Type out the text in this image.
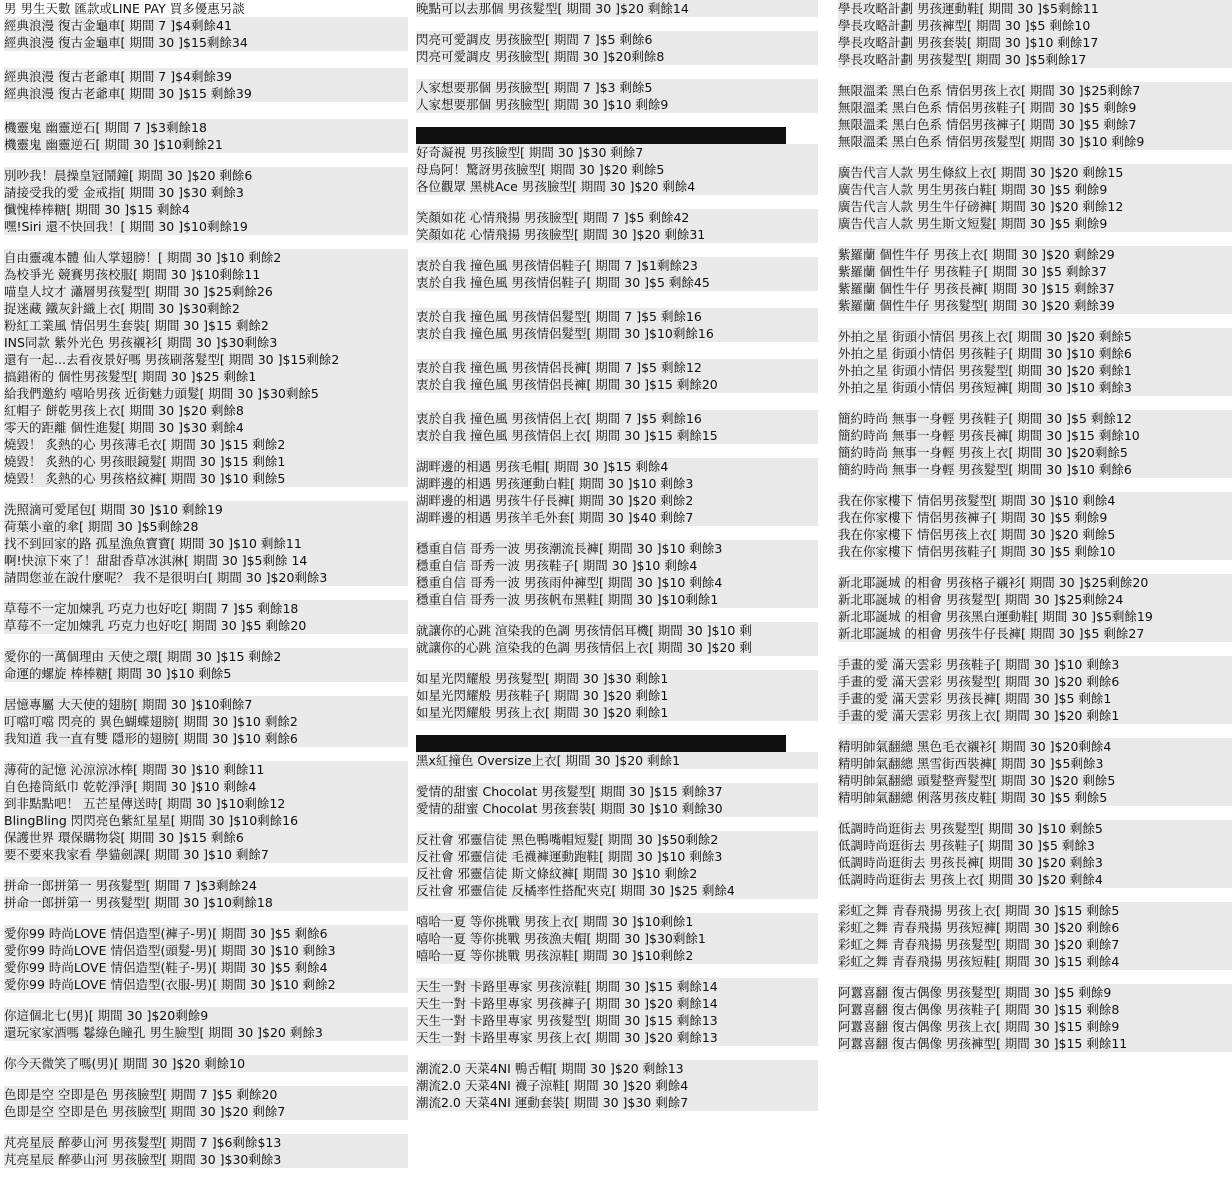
男 男生天數 匯款或LINE PAY 買多優惠另談
經典浪漫 復古金龜車[ 期間 7 ]$4剩餘41
經典浪漫 復古金龜車[ 期間 30 ]$15剩餘34

經典浪漫 復古老爺車[ 期間 7 ]$4剩餘39
經典浪漫 復古老爺車[ 期間 30 ]$15 剩餘39

機靈鬼 幽靈逆石[ 期間 7 ]$3剩餘18
機靈鬼 幽靈逆石[ 期間 30 ]$10剩餘21
別吵我！晨操皇冠鬧鐘[ 期間 30 ]$20 剩餘6
請接受我的愛 金戒指[ 期間 30 ]$30 剩餘3
懺愧棒棒糖[ 期間 30 ]$15 剩餘4
嘿!Siri 還不快回我！[ 期間 30 ]$10剩餘19
自由靈魂本體 仙人掌翅膀！[ 期間 30 ]$10 剩餘2
為校爭光 競賽男孩校服[ 期間 30 ]$10剩餘11
喵皇人坟才 瀟層男孩髮型[ 期間 30 ]$25剩餘26
捉迷藏 鐵灰針織上衣[ 期間 30 ]$30剩餘2
粉紅工業風 情侶男生套裝[ 期間 30 ]$15 剩餘2
INS同款 紫外光色 男孩襯衫[ 期間 30 ]$30剩餘3
還有一起...去看夜景好嗎 男孩刷落髮型[ 期間 30 ]$15剩餘2
搞錯術的 個性男孩髮型[ 期間 30 ]$25 剩餘1
給我們邀約 嘻哈男孩 近街魅力頭髮[ 期間 30 ]$30剩餘5
紅帽子 餅乾男孩上衣[ 期間 30 ]$20 剩餘8
零天的距離 個性進髮[ 期間 30 ]$30 剩餘4
燒毀！ 炙熱的心 男孩薄毛衣[ 期間 30 ]$15 剩餘2
燒毀！ 炙熱的心 男孩眼鏡髮[ 期間 30 ]$15 剩餘1
燒毀！ 炙熱的心 男孩格紋褲[ 期間 30 ]$10 剩餘5
洗照滴可愛尾包[ 期間 30 ]$10 剩餘19
荷葉小童的傘[ 期間 30 ]$5剩餘28
找不到回家的路 孤星漁魚寶寶[ 期間 30 ]$10 剩餘11
啊!快涼下來了！甜甜香草冰淇淋[ 期間 30 ]$5剩餘 14
請問您並在說什麼呢？ 我不是很明白[ 期間 30 ]$20剩餘3
草莓不一定加煉乳 巧克力也好吃[ 期間 7 ]$5 剩餘18
草莓不一定加煉乳 巧克力也好吃[ 期間 30 ]$5 剩餘20
愛你的一萬個理由 天使之環[ 期間 30 ]$15 剩餘2
命運的螺旋 棒棒糖[ 期間 30 ]$10 剩餘5
居憶專屬 大天使的翅膀[ 期間 30 ]$10剩餘7
叮噹叮噹 閃亮的 異色蝴蝶翅膀[ 期間 30 ]$10 剩餘2
我知道 我一直有雙 隱形的翅膀[ 期間 30 ]$10 剩餘6
薄荷的記憶 沁涼涼冰棒[ 期間 30 ]$10 剩餘11
自色捲筒紙巾 乾乾淨淨[ 期間 30 ]$10 剩餘4
到非點點吧！ 五芒星傳送時[ 期間 30 ]$10剩餘12
BlingBling 閃閃亮色紫紅星星[ 期間 30 ]$10剩餘16
保護世界 環保購物袋[ 期間 30 ]$15 剩餘6
要不要來我家看 學貓劍課[ 期間 30 ]$10 剩餘7
拼命一郎拼第一 男孩髮型[ 期間 7 ]$3剩餘24
拼命一郎拼第一 男孩髮型[ 期間 30 ]$10剩餘18
愛你99 時尚LOVE 情侶造型(褲子-男)[ 期間 30 ]$5 剩餘6
愛你99 時尚LOVE 情侶造型(頭髮-男)[ 期間 30 ]$10 剩餘3
愛你99 時尚LOVE 情侶造型(鞋子-男)[ 期間 30 ]$5 剩餘4
愛你99 時尚LOVE 情侶造型(衣服-男)[ 期間 30 ]$10 剩餘2
你這個北七(男)[ 期間 30 ]$20剩餘9
還玩家家酒嗎 鬈綠色瞳孔 男生臉型[ 期間 30 ]$20 剩餘3
你今天微笑了嗎(男)[ 期間 30 ]$20 剩餘10
色即是空 空即是色 男孩臉型[ 期間 7 ]$5 剩餘20
色即是空 空即是色 男孩臉型[ 期間 30 ]$20 剩餘7
芃亮星辰 醉夢山河 男孩髮型[ 期間 7 ]$6剩餘$13
芃亮星辰 醉夢山河 男孩臉型[ 期間 30 ]$30剩餘3
晚點可以去那個 男孩髮型[ 期間 30 ]$20 剩餘14
閃亮可愛調皮 男孩臉型[ 期間 7 ]$5 剩餘6
閃亮可愛調皮 男孩臉型[ 期間 30 ]$20剩餘8
人家想要那個 男孩臉型[ 期間 7 ]$3 剩餘5
人家想要那個 男孩臉型[ 期間 30 ]$10 剩餘9
好奇凝視 男孩臉型[ 期間 30 ]$30 剩餘7
母烏阿！驚訝男孩臉型[ 期間 30 ]$20 剩餘5
各位觀眾 黑桃Ace 男孩臉型[ 期間 30 ]$20 剩餘4
笑顏如花 心情飛揚 男孩臉型[ 期間 7 ]$5 剩餘42
笑顏如花 心情飛揚 男孩臉型[ 期間 30 ]$20 剩餘31
衷於自我 撞色風 男孩情侶鞋子[ 期間 7 ]$1剩餘23
衷於自我 撞色風 男孩情侶鞋子[ 期間 30 ]$5 剩餘45

衷於自我 撞色風 男孩情侶髮型[ 期間 7 ]$5 剩餘16
衷於自我 撞色風 男孩情侶髮型[ 期間 30 ]$10剩餘16

衷於自我 撞色風 男孩情侶長褲[ 期間 7 ]$5 剩餘12
衷於自我 撞色風 男孩情侶長褲[ 期間 30 ]$15 剩餘20

衷於自我 撞色風 男孩情侶上衣[ 期間 7 ]$5 剩餘16
衷於自我 撞色風 男孩情侶上衣[ 期間 30 ]$15 剩餘15
湖畔邊的相遇 男孩毛帽[ 期間 30 ]$15 剩餘4
湖畔邊的相遇 男孩運動白鞋[ 期間 30 ]$10 剩餘3
湖畔邊的相遇 男孩牛仔長褲[ 期間 30 ]$20 剩餘2
湖畔邊的相遇 男孩羊毛外套[ 期間 30 ]$40 剩餘7
穩重自信 哥秀一波 男孩潮流長褲[ 期間 30 ]$10 剩餘3
穩重自信 哥秀一波 男孩鞋子[ 期間 30 ]$10 剩餘4
穩重自信 哥秀一波 男孩雨仲褲型[ 期間 30 ]$10 剩餘4
穩重自信 哥秀一波 男孩帆布黑鞋[ 期間 30 ]$10剩餘1
就讓你的心跳 渲染我的色調 男孩情侶耳機[ 期間 30 ]$10 剩
就讓你的心跳 渲染我的色調 男孩情侶上衣[ 期間 30 ]$20 剩
如星光閃耀般 男孩髮型[ 期間 30 ]$30 剩餘1
如星光閃耀般 男孩鞋子[ 期間 30 ]$20 剩餘1
如星光閃耀般 男孩上衣[ 期間 30 ]$20 剩餘1
黑x紅撞色 Oversize上衣[ 期間 30 ]$20 剩餘1
愛情的甜蜜 Chocolat 男孩髮型[ 期間 30 ]$15 剩餘37
愛情的甜蜜 Chocolat 男孩套裝[ 期間 30 ]$10 剩餘30
反社會 邪靈信徒 黑色鴨嘴帽短髮[ 期間 30 ]$50剩餘2
反社會 邪靈信徒 毛襪褲運動跑鞋[ 期間 30 ]$10 剩餘3
反社會 邪靈信徒 斯文條紋褲[ 期間 30 ]$10 剩餘2
反社會 邪靈信徒 反橘率性搭配夾克[ 期間 30 ]$25 剩餘4
嘻哈一夏 等你挑戰 男孩上衣[ 期間 30 ]$10剩餘1
嘻哈一夏 等你挑戰 男孩漁夫帽[ 期間 30 ]$30剩餘1
嘻哈一夏 等你挑戰 男孩涼鞋[ 期間 30 ]$10剩餘2
天生一對 卡路里專家 男孩涼鞋[ 期間 30 ]$15 剩餘14
天生一對 卡路里專家 男孩褲子[ 期間 30 ]$20 剩餘14
天生一對 卡路里專家 男孩髮型[ 期間 30 ]$15 剩餘13
天生一對 卡路里專家 男孩上衣[ 期間 30 ]$20 剩餘13
潮流2.0 天菜4NI 鴨舌帽[ 期間 30 ]$20 剩餘13
潮流2.0 天菜4NI 襪子涼鞋[ 期間 30 ]$20 剩餘4
潮流2.0 天菜4NI 運動套裝[ 期間 30 ]$30 剩餘7
學長攻略計劃 男孩運動鞋[ 期間 30 ]$5剩餘11
學長攻略計劃 男孩褲型[ 期間 30 ]$5 剩餘10
學長攻略計劃 男孩套裝[ 期間 30 ]$10 剩餘17
學長攻略計劃 男孩髮型[ 期間 30 ]$5剩餘17
無限溫柔 黑白色系 情侶男孩上衣[ 期間 30 ]$25剩餘7
無限溫柔 黑白色系 情侶男孩鞋子[ 期間 30 ]$5 剩餘9
無限溫柔 黑白色系 情侶男孩褲子[ 期間 30 ]$5 剩餘7
無限溫柔 黑白色系 情侶男孩髮型[ 期間 30 ]$10 剩餘9
廣告代言人款 男生條紋上衣[ 期間 30 ]$20 剩餘15
廣告代言人款 男生男孩白鞋[ 期間 30 ]$5 剩餘9
廣告代言人款 男生牛仔磅褲[ 期間 30 ]$20 剩餘12
廣告代言人款 男生斯文短髮[ 期間 30 ]$5 剩餘9
紫羅蘭 個性牛仔 男孩上衣[ 期間 30 ]$20 剩餘29
紫羅蘭 個性牛仔 男孩鞋子[ 期間 30 ]$5 剩餘37
紫羅蘭 個性牛仔 男孩長褲[ 期間 30 ]$15 剩餘37
紫羅蘭 個性牛仔 男孩髮型[ 期間 30 ]$20 剩餘39
外拍之星 街頭小情侶 男孩上衣[ 期間 30 ]$20 剩餘5
外拍之星 街頭小情侶 男孩鞋子[ 期間 30 ]$10 剩餘6
外拍之星 街頭小情侶 男孩髮型[ 期間 30 ]$20 剩餘1
外拍之星 街頭小情侶 男孩短褲[ 期間 30 ]$10 剩餘3
簡約時尚 無事一身輕 男孩鞋子[ 期間 30 ]$5 剩餘12
簡約時尚 無事一身輕 男孩長褲[ 期間 30 ]$15 剩餘10
簡約時尚 無事一身輕 男孩上衣[ 期間 30 ]$20剩餘5
簡約時尚 無事一身輕 男孩髮型[ 期間 30 ]$10 剩餘6
我在你家樓下 情侶男孩髮型[ 期間 30 ]$10 剩餘4
我在你家樓下 情侶男孩褲子[ 期間 30 ]$5 剩餘9
我在你家樓下 情侶男孩上衣[ 期間 30 ]$20 剩餘5
我在你家樓下 情侶男孩鞋子[ 期間 30 ]$5 剩餘10
新北耶誕城 的相會 男孩格子襯衫[ 期間 30 ]$25剩餘20
新北耶誕城 的相會 男孩髮型[ 期間 30 ]$25剩餘24
新北耶誕城 的相會 男孩黑白運動鞋[ 期間 30 ]$5剩餘19
新北耶誕城 的相會 男孩牛仔長褲[ 期間 30 ]$5 剩餘27
手畫的愛 滿天雲彩 男孩鞋子[ 期間 30 ]$10 剩餘3
手畫的愛 滿天雲彩 男孩髮型[ 期間 30 ]$20 剩餘6
手畫的愛 滿天雲彩 男孩長褲[ 期間 30 ]$5 剩餘1
手畫的愛 滿天雲彩 男孩上衣[ 期間 30 ]$20 剩餘1
精明帥氣翻總 黑色毛衣襯衫[ 期間 30 ]$20剩餘4
精明帥氣翻總 黑雪街西裝褲[ 期間 30 ]$5剩餘3
精明帥氣翻總 頭髮整齊髮型[ 期間 30 ]$20 剩餘5
精明帥氣翻總 俐落男孩皮鞋[ 期間 30 ]$5 剩餘5
低調時尚逛街去 男孩髮型[ 期間 30 ]$10 剩餘5
低調時尚逛街去 男孩鞋子[ 期間 30 ]$5 剩餘3
低調時尚逛街去 男孩長褲[ 期間 30 ]$20 剩餘3
低調時尚逛街去 男孩上衣[ 期間 30 ]$20 剩餘4
彩虹之舞 青春飛揚 男孩上衣[ 期間 30 ]$15 剩餘5
彩虹之舞 青春飛揚 男孩短褲[ 期間 30 ]$20 剩餘6
彩虹之舞 青春飛揚 男孩髮型[ 期間 30 ]$20 剩餘7
彩虹之舞 青春飛揚 男孩短鞋[ 期間 30 ]$15 剩餘4
阿囂喜翻 復古偶像 男孩髮型[ 期間 30 ]$5 剩餘9
阿囂喜翻 復古偶像 男孩鞋子[ 期間 30 ]$15 剩餘8
阿囂喜翻 復古偶像 男孩上衣[ 期間 30 ]$15 剩餘9
阿囂喜翻 復古偶像 男孩褲型[ 期間 30 ]$15 剩餘11
